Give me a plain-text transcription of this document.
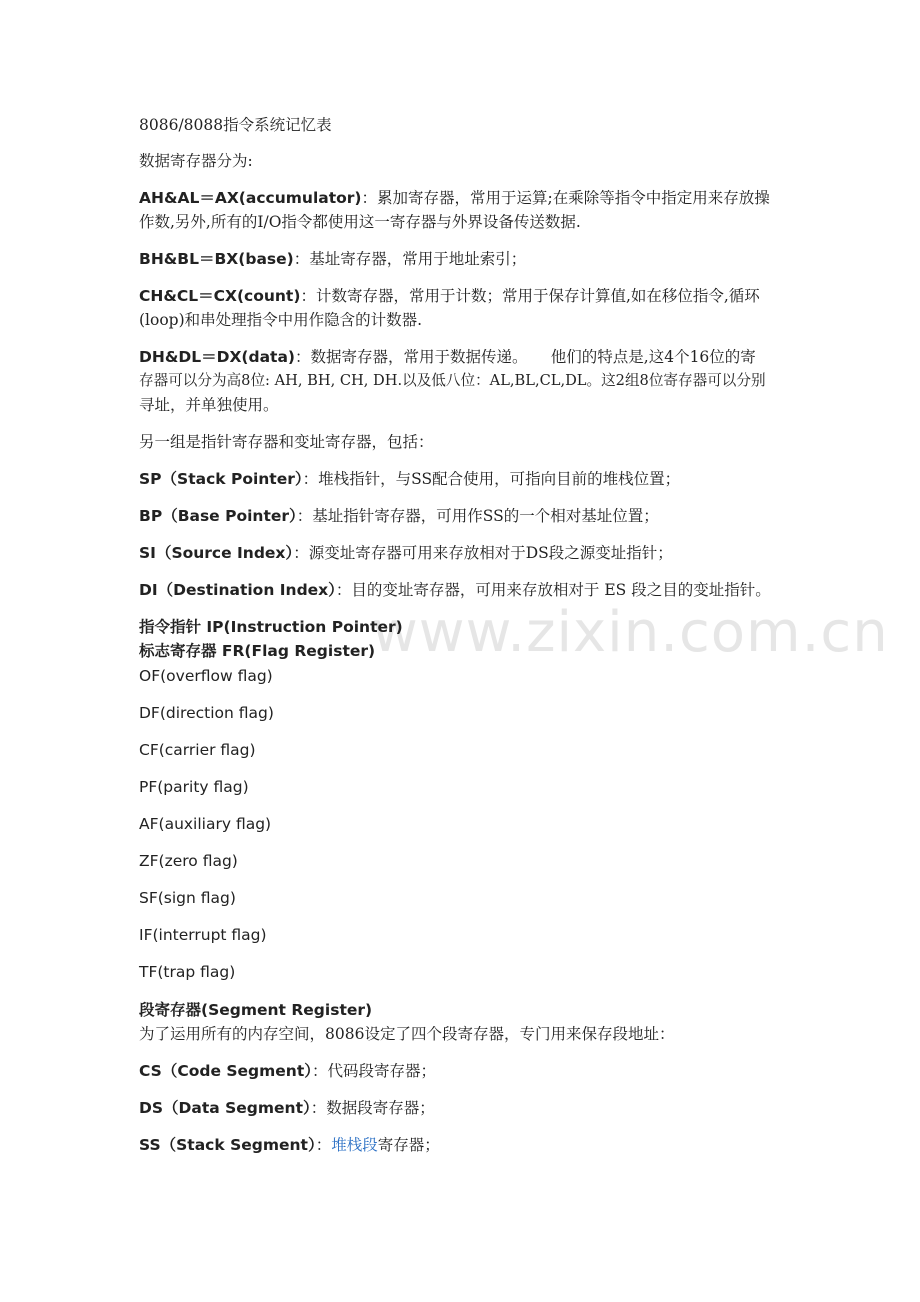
www.zixin.com.cn
8086/8088指令系统记忆表
数据寄存器分为:
AH&AL＝AX(accumulator)：累加寄存器，常用于运算;在乘除等指令中指定用来存放操
作数,另外,所有的I/O指令都使用这一寄存器与外界设备传送数据.
BH&BL＝BX(base)：基址寄存器，常用于地址索引；
CH&CL＝CX(count)：计数寄存器，常用于计数；常用于保存计算值,如在移位指令,循环
(loop)和串处理指令中用作隐含的计数器.
DH&DL＝DX(data)：数据寄存器，常用于数据传递。　　他们的特点是,这4个16位的寄
存器可以分为高8位: AH, BH, CH, DH.以及低八位：AL,BL,CL,DL。这2组8位寄存器可以分别
寻址，并单独使用。
另一组是指针寄存器和变址寄存器，包括：
SP（Stack Pointer）：堆栈指针，与SS配合使用，可指向目前的堆栈位置；
BP（Base Pointer）：基址指针寄存器，可用作SS的一个相对基址位置；
SI（Source Index）：源变址寄存器可用来存放相对于DS段之源变址指针；
DI（Destination Index）：目的变址寄存器，可用来存放相对于 ES 段之目的变址指针。
指令指针 IP(Instruction Pointer)
标志寄存器 FR(Flag Register)
OF(overflow flag)
DF(direction flag)
CF(carrier flag)
PF(parity flag)
AF(auxiliary flag)
ZF(zero flag)
SF(sign flag)
IF(interrupt flag)
TF(trap flag)
段寄存器(Segment Register)
为了运用所有的内存空间，8086设定了四个段寄存器，专门用来保存段地址：
CS（Code Segment）：代码段寄存器；
DS（Data Segment）：数据段寄存器；
SS（Stack Segment）：堆栈段寄存器；
